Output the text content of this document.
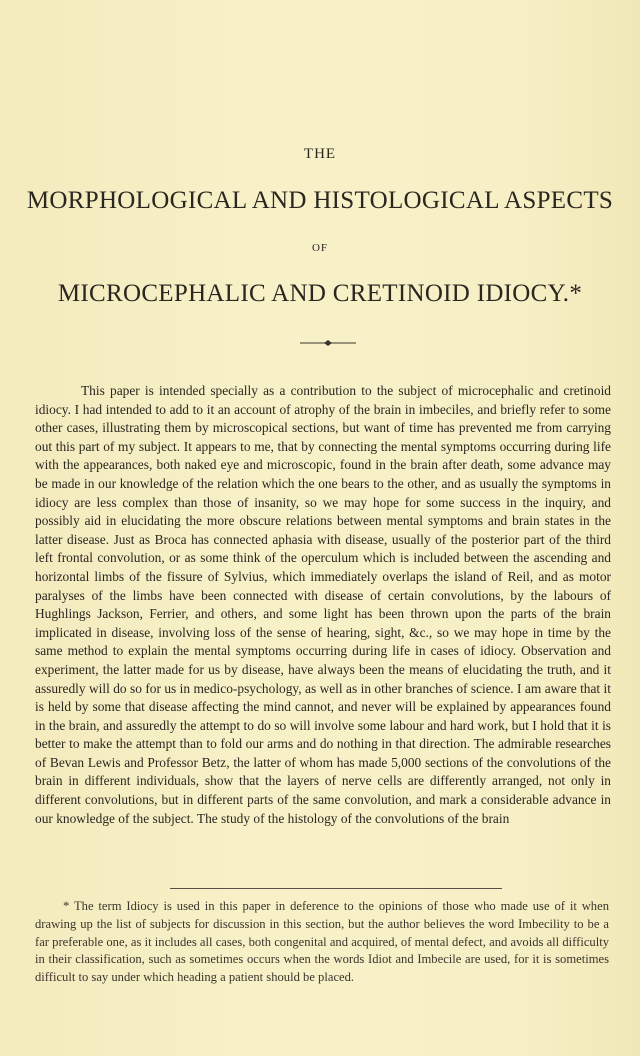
THE
MORPHOLOGICAL AND HISTOLOGICAL ASPECTS
OF
MICROCEPHALIC AND CRETINOID IDIOCY.*

This paper is intended specially as a contribution to the subject of microcephalic and cretinoid idiocy. I had intended to add to it an account of atrophy of the brain in imbeciles, and briefly refer to some other cases, illustrating them by microscopical sections, but want of time has prevented me from carrying out this part of my subject. It appears to me, that by connecting the mental symptoms occurring during life with the appearances, both naked eye and microscopic, found in the brain after death, some advance may be made in our knowledge of the relation which the one bears to the other, and as usually the symptoms in idiocy are less complex than those of insanity, so we may hope for some success in the inquiry, and possibly aid in elucidating the more obscure relations between mental symptoms and brain states in the latter disease. Just as Broca has connected aphasia with disease, usually of the posterior part of the third left frontal convolution, or as some think of the operculum which is included between the ascending and horizontal limbs of the fissure of Sylvius, which immediately overlaps the island of Reil, and as motor paralyses of the limbs have been connected with disease of certain convolutions, by the labours of Hughlings Jackson, Ferrier, and others, and some light has been thrown upon the parts of the brain implicated in disease, involving loss of the sense of hearing, sight, &c., so we may hope in time by the same method to explain the mental symptoms occurring during life in cases of idiocy. Observation and experiment, the latter made for us by disease, have always been the means of elucidating the truth, and it assuredly will do so for us in medico-psychology, as well as in other branches of science. I am aware that it is held by some that disease affecting the mind cannot, and never will be explained by appearances found in the brain, and assuredly the attempt to do so will involve some labour and hard work, but I hold that it is better to make the attempt than to fold our arms and do nothing in that direction. The admirable researches of Bevan Lewis and Professor Betz, the latter of whom has made 5,000 sections of the convolutions of the brain in different individuals, show that the layers of nerve cells are differently arranged, not only in different convolutions, but in different parts of the same convolution, and mark a considerable advance in our knowledge of the subject. The study of the histology of the convolutions of the brain

* The term Idiocy is used in this paper in deference to the opinions of those who made use of it when drawing up the list of subjects for discussion in this section, but the author believes the word Imbecility to be a far preferable one, as it includes all cases, both congenital and acquired, of mental defect, and avoids all difficulty in their classification, such as sometimes occurs when the words Idiot and Imbecile are used, for it is sometimes difficult to say under which heading a patient should be placed.
